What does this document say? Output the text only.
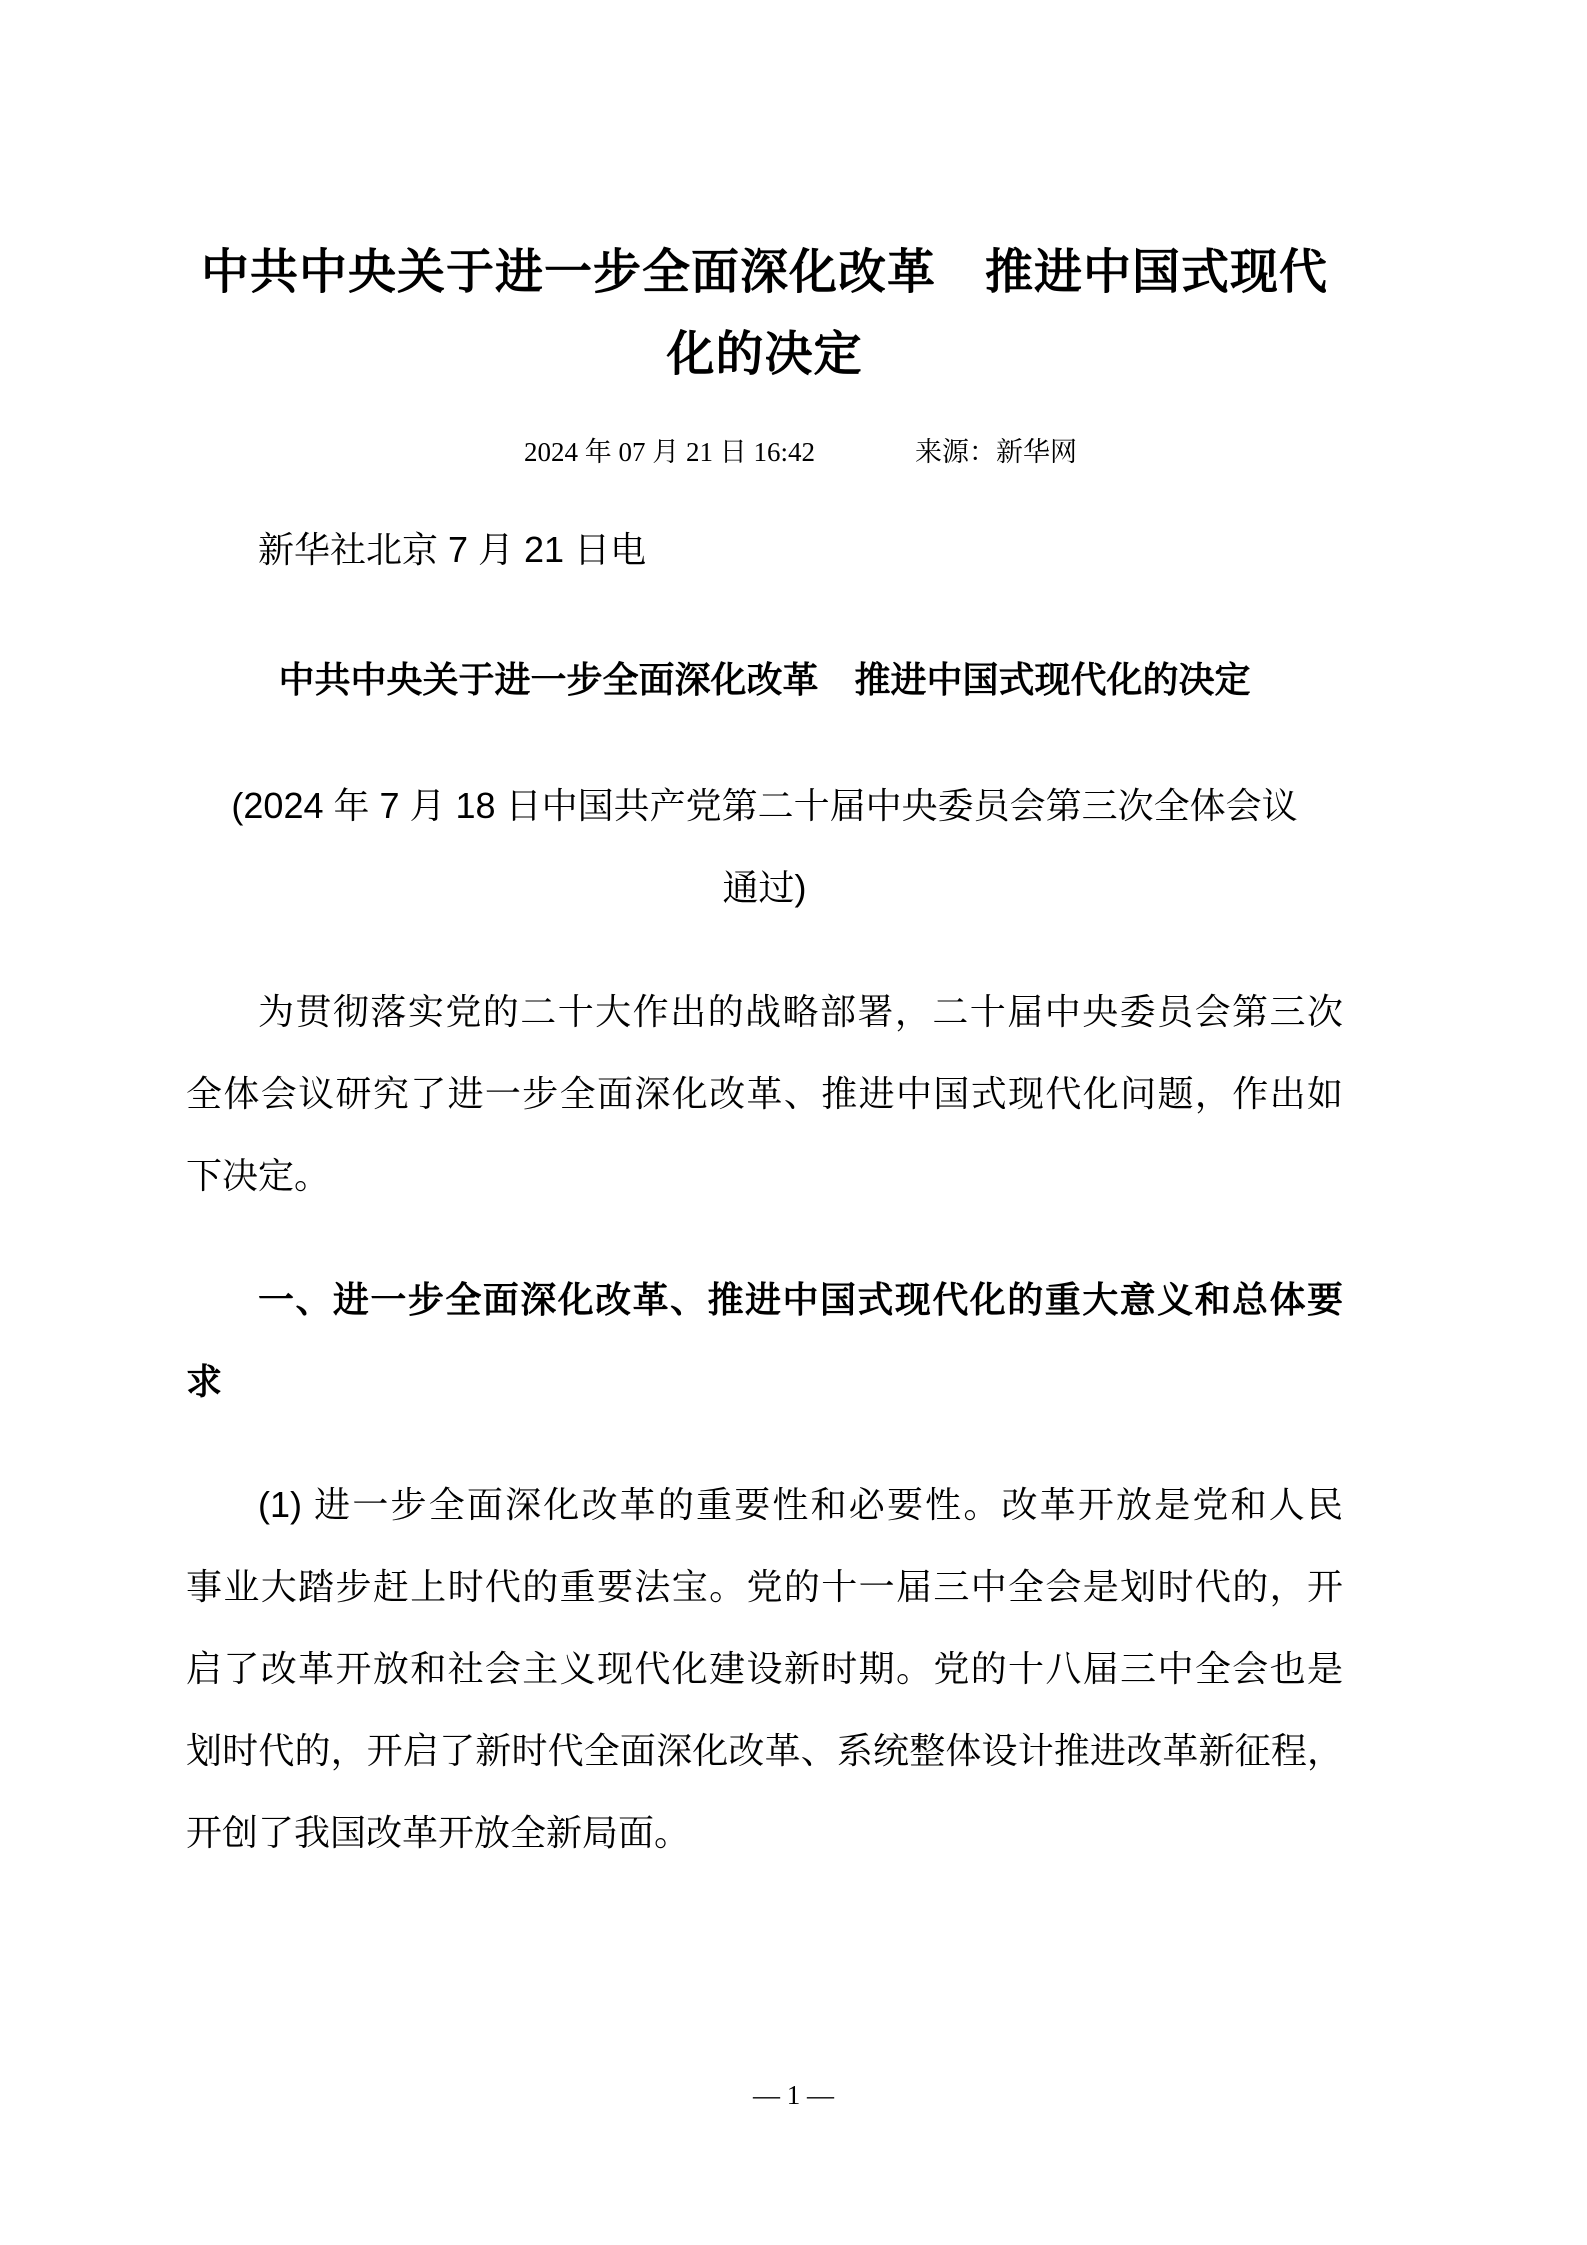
中共中央关于进一步全面深化改革　推进中国式现代
化的决定
2024 年 07 月 21 日 16:42	来源：新华网

新华社北京 7 月 21 日电

中共中央关于进一步全面深化改革　推进中国式现代化的决定
(2024 年 7 月 18 日中国共产党第二十届中央委员会第三次全体会议
通过)
为贯彻落实党的二十大作出的战略部署，二十届中央委员会第三次
全体会议研究了进一步全面深化改革、推进中国式现代化问题，作出如
下决定。
一、进一步全面深化改革、推进中国式现代化的重大意义和总体要
求
(1) 进一步全面深化改革的重要性和必要性。改革开放是党和人民
事业大踏步赶上时代的重要法宝。党的十一届三中全会是划时代的，开
启了改革开放和社会主义现代化建设新时期。党的十八届三中全会也是
划时代的，开启了新时代全面深化改革、系统整体设计推进改革新征程，
开创了我国改革开放全新局面。
— 1 —
